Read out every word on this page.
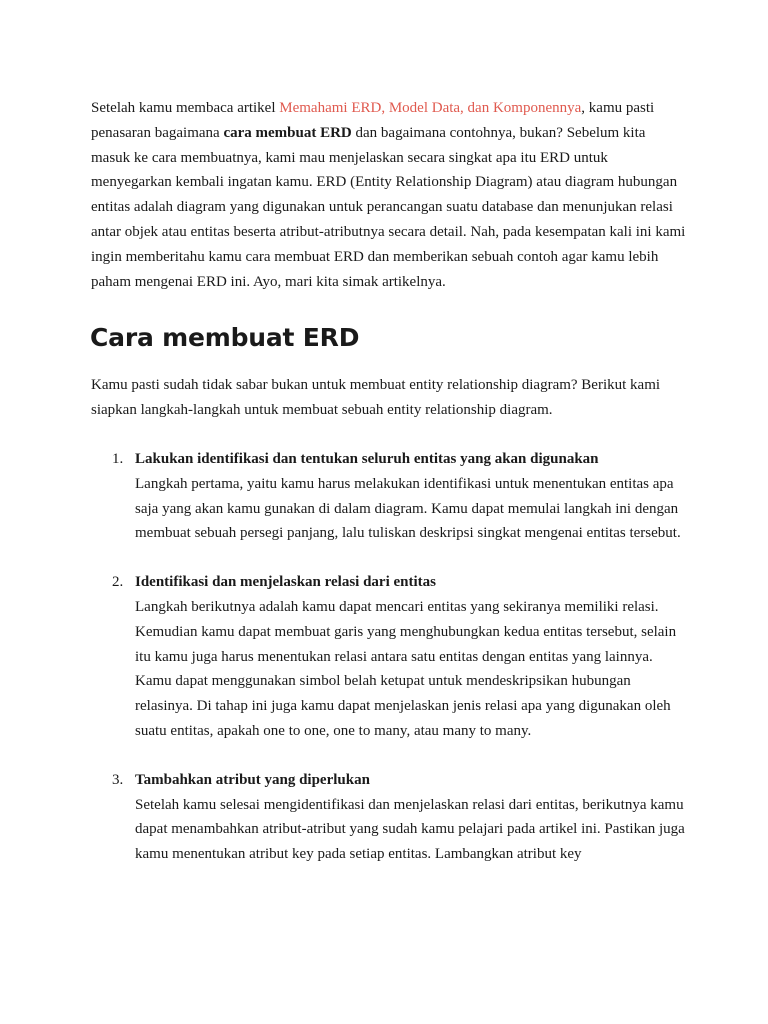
Setelah kamu membaca artikel Memahami ERD, Model Data, dan Komponennya, kamu pasti penasaran bagaimana cara membuat ERD dan bagaimana contohnya, bukan? Sebelum kita masuk ke cara membuatnya, kami mau menjelaskan secara singkat apa itu ERD untuk menyegarkan kembali ingatan kamu. ERD (Entity Relationship Diagram) atau diagram hubungan entitas adalah diagram yang digunakan untuk perancangan suatu database dan menunjukan relasi antar objek atau entitas beserta atribut-atributnya secara detail. Nah, pada kesempatan kali ini kami ingin memberitahu kamu cara membuat ERD dan memberikan sebuah contoh agar kamu lebih paham mengenai ERD ini. Ayo, mari kita simak artikelnya.

Cara membuat ERD

Kamu pasti sudah tidak sabar bukan untuk membuat entity relationship diagram? Berikut kami siapkan langkah-langkah untuk membuat sebuah entity relationship diagram.

1. Lakukan identifikasi dan tentukan seluruh entitas yang akan digunakan
Langkah pertama, yaitu kamu harus melakukan identifikasi untuk menentukan entitas apa saja yang akan kamu gunakan di dalam diagram. Kamu dapat memulai langkah ini dengan membuat sebuah persegi panjang, lalu tuliskan deskripsi singkat mengenai entitas tersebut.
2. Identifikasi dan menjelaskan relasi dari entitas
Langkah berikutnya adalah kamu dapat mencari entitas yang sekiranya memiliki relasi. Kemudian kamu dapat membuat garis yang menghubungkan kedua entitas tersebut, selain itu kamu juga harus menentukan relasi antara satu entitas dengan entitas yang lainnya. Kamu dapat menggunakan simbol belah ketupat untuk mendeskripsikan hubungan relasinya. Di tahap ini juga kamu dapat menjelaskan jenis relasi apa yang digunakan oleh suatu entitas, apakah one to one, one to many, atau many to many.
3. Tambahkan atribut yang diperlukan
Setelah kamu selesai mengidentifikasi dan menjelaskan relasi dari entitas, berikutnya kamu dapat menambahkan atribut-atribut yang sudah kamu pelajari pada artikel ini. Pastikan juga kamu menentukan atribut key pada setiap entitas. Lambangkan atribut key
